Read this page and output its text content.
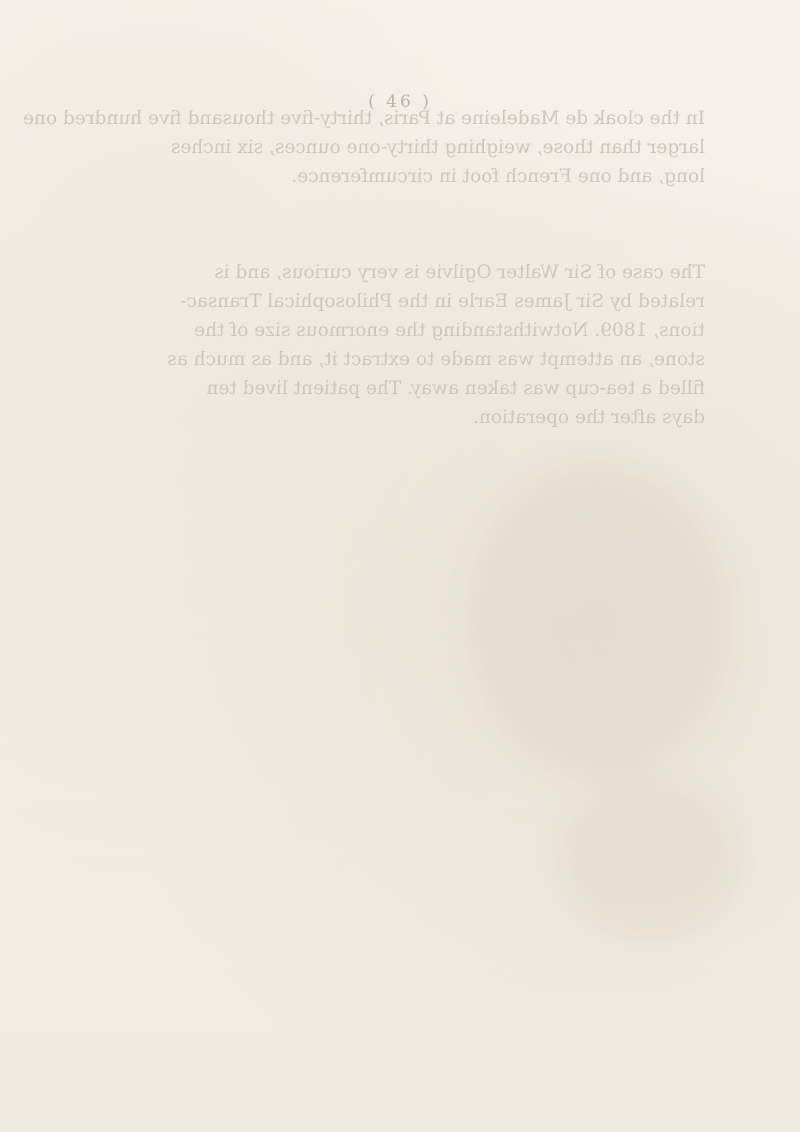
( 46 )
In the cloak de Madeleine at Paris, thirty-five thousand five hundred one
larger than those, weighing thirty-one ounces, six inches
long, and one French foot in circumference.
The case of Sir Walter Ogilvie is very curious, and is
related by Sir James Earle in the Philosophical Transac-
tions, 1809. Notwithstanding the enormous size of the
stone, an attempt was made to extract it, and as much as
filled a tea-cup was taken away. The patient lived ten
days after the operation.
